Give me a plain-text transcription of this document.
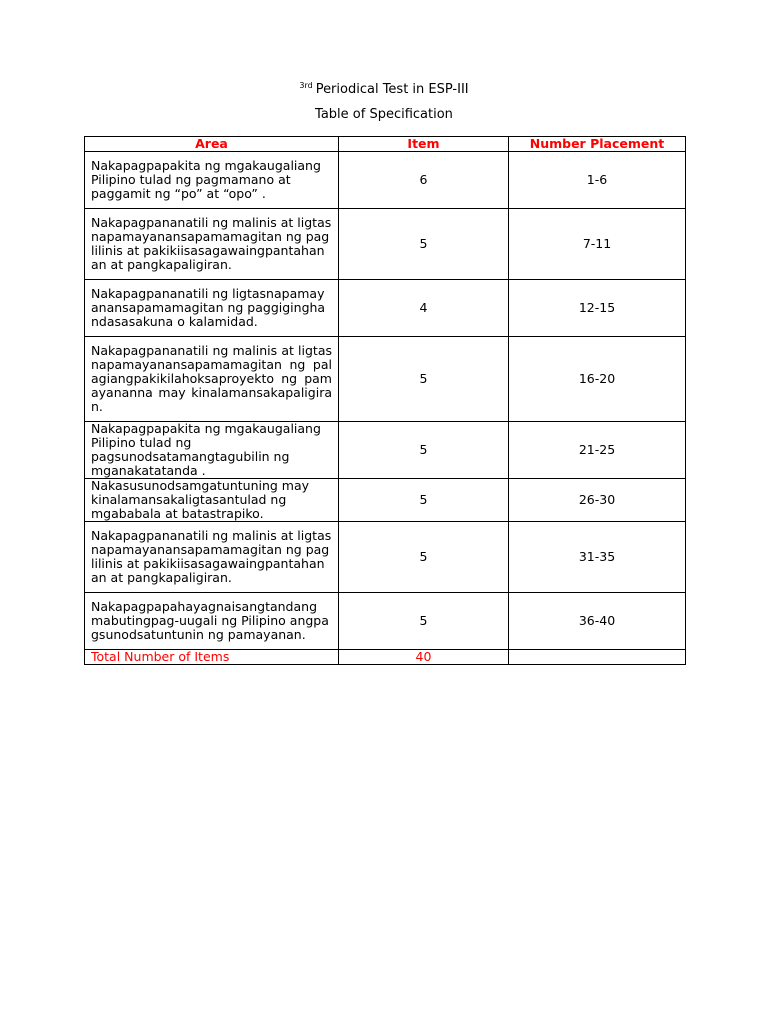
$^{3rd}$ Periodical Test in ESP-III
Table of Specification
Area	Item	Number Placement
Nakapagpapakita ng mgakaugaliang Pilipino tulad ng pagmamano at paggamit ng “po” at “opo” .	6	1-6
Nakapagpananatili ng malinis at ligtasnapamayanansapamamagitan ng paglilinis at pakikiisasagawaingpantahanan at pangkapaligiran.	5	7-11
Nakapagpananatili ng ligtasnapamayanansapamamagitan ng paggiginghandasasakuna o kalamidad.	4	12-15
Nakapagpananatili ng malinis at ligtasnapamayanansapamamagitan ng palagiangpakikilahoksaproyekto ng pamayananna may kinalamansakapaligiran.	5	16-20
Nakapagpapakita ng mgakaugaliang Pilipino tulad ng pagsunodsatamangtagubilin ng mganakatatanda .	5	21-25
Nakasusunodsamgatuntuning may kinalamansakaligtasantulad ng mgababala at batastrapiko.	5	26-30
Nakapagpananatili ng malinis at ligtasnapamayanansapamamagitan ng paglilinis at pakikiisasagawaingpantahanan at pangkapaligiran.	5	31-35
Nakapagpapahayagnaisangtandang mabutingpag-uugali ng Pilipino angpagsunodsatuntunin ng pamayanan.	5	36-40
Total Number of Items	40	
